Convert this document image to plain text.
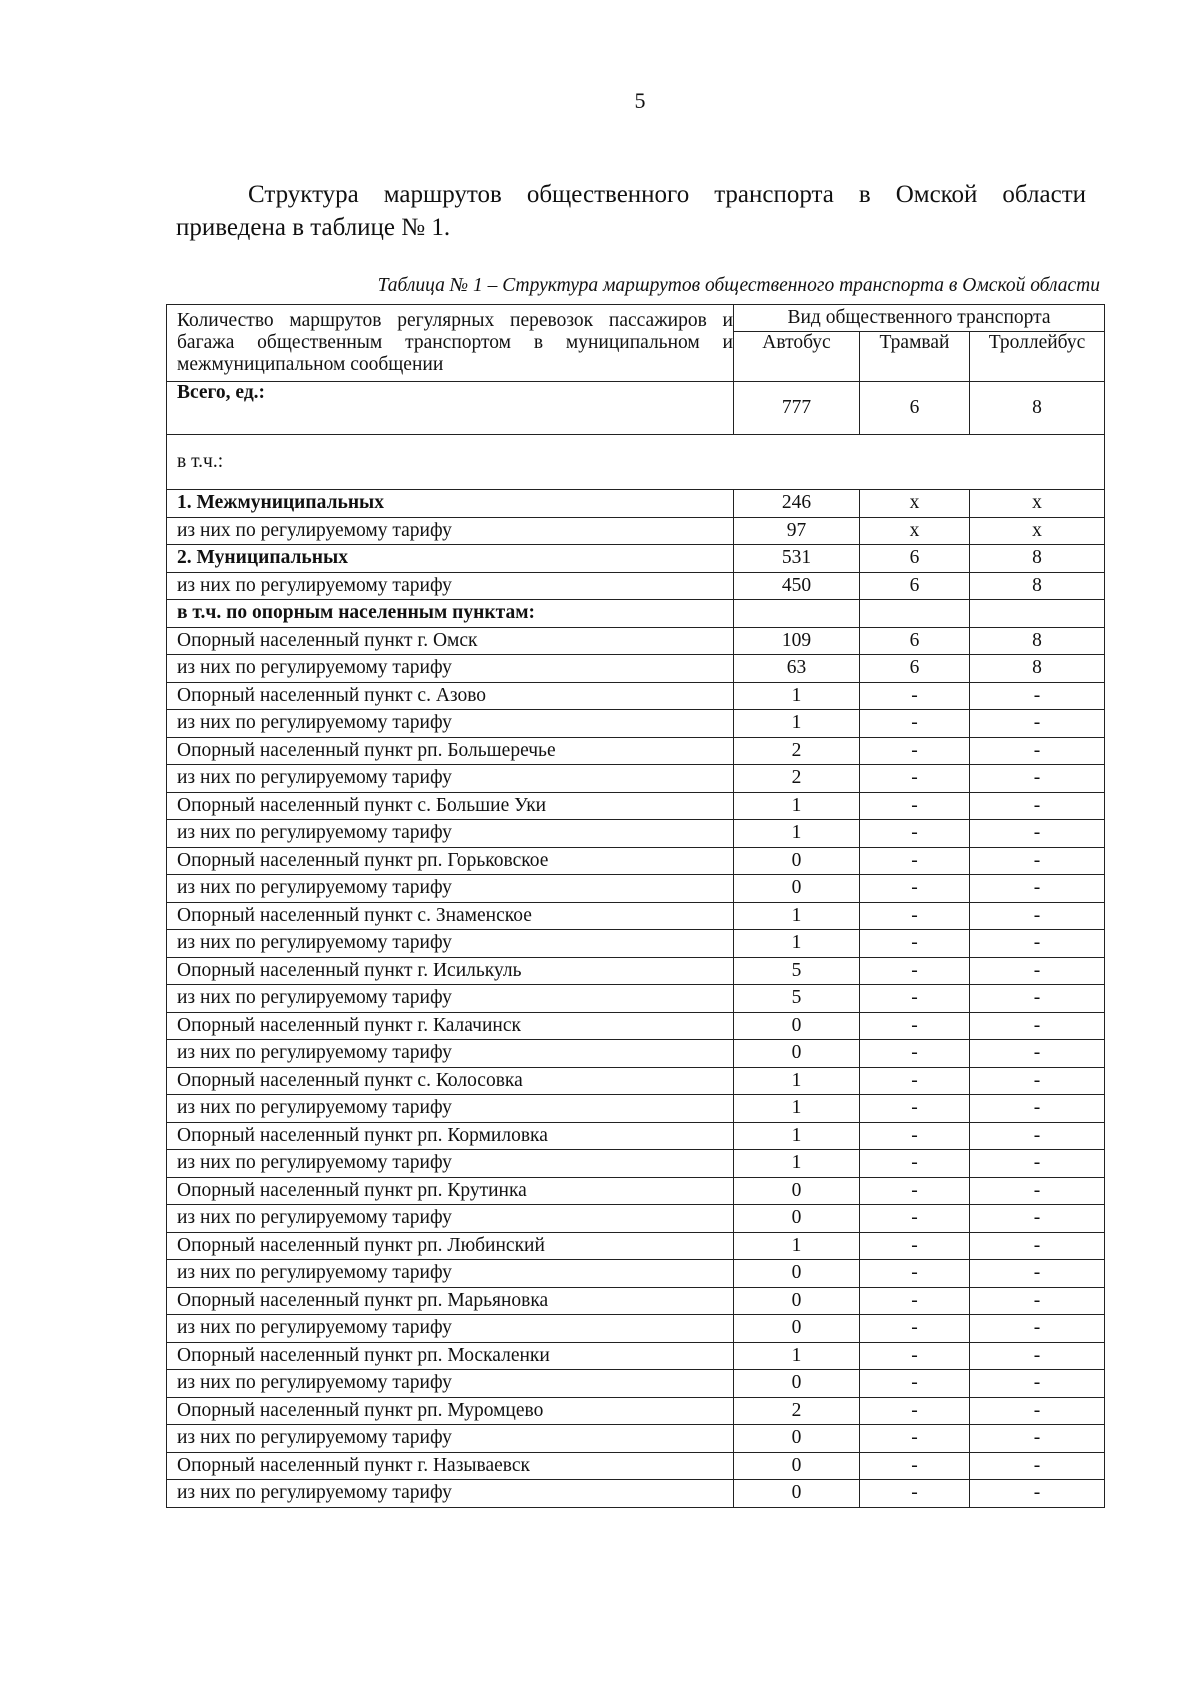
5

Структура маршрутов общественного транспорта в Омской области приведена в таблице № 1.

Таблица № 1 – Структура маршрутов общественного транспорта в Омской области
Количество маршрутов регулярных перевозок пассажиров и багажа общественным транспортом в муниципальном и межмуниципальном сообщении	Вид общественного транспорта		
	Автобус	Трамвай	Троллейбус
Всего, ед.:	777	6	8
в т.ч.:			
1. Межмуниципальных	246	х	х
из них по регулируемому тарифу	97	х	х
2. Муниципальных	531	6	8
из них по регулируемому тарифу	450	6	8
в т.ч. по опорным населенным пунктам:			
Опорный населенный пункт г. Омск	109	6	8
из них по регулируемому тарифу	63	6	8
Опорный населенный пункт с. Азово	1	-	-
из них по регулируемому тарифу	1	-	-
Опорный населенный пункт рп. Большеречье	2	-	-
из них по регулируемому тарифу	2	-	-
Опорный населенный пункт с. Большие Уки	1	-	-
из них по регулируемому тарифу	1	-	-
Опорный населенный пункт рп. Горьковское	0	-	-
из них по регулируемому тарифу	0	-	-
Опорный населенный пункт с. Знаменское	1	-	-
из них по регулируемому тарифу	1	-	-
Опорный населенный пункт г. Исилькуль	5	-	-
из них по регулируемому тарифу	5	-	-
Опорный населенный пункт г. Калачинск	0	-	-
из них по регулируемому тарифу	0	-	-
Опорный населенный пункт с. Колосовка	1	-	-
из них по регулируемому тарифу	1	-	-
Опорный населенный пункт рп. Кормиловка	1	-	-
из них по регулируемому тарифу	1	-	-
Опорный населенный пункт рп. Крутинка	0	-	-
из них по регулируемому тарифу	0	-	-
Опорный населенный пункт рп. Любинский	1	-	-
из них по регулируемому тарифу	0	-	-
Опорный населенный пункт рп. Марьяновка	0	-	-
из них по регулируемому тарифу	0	-	-
Опорный населенный пункт рп. Москаленки	1	-	-
из них по регулируемому тарифу	0	-	-
Опорный населенный пункт рп. Муромцево	2	-	-
из них по регулируемому тарифу	0	-	-
Опорный населенный пункт г. Называевск	0	-	-
из них по регулируемому тарифу	0	-	-
